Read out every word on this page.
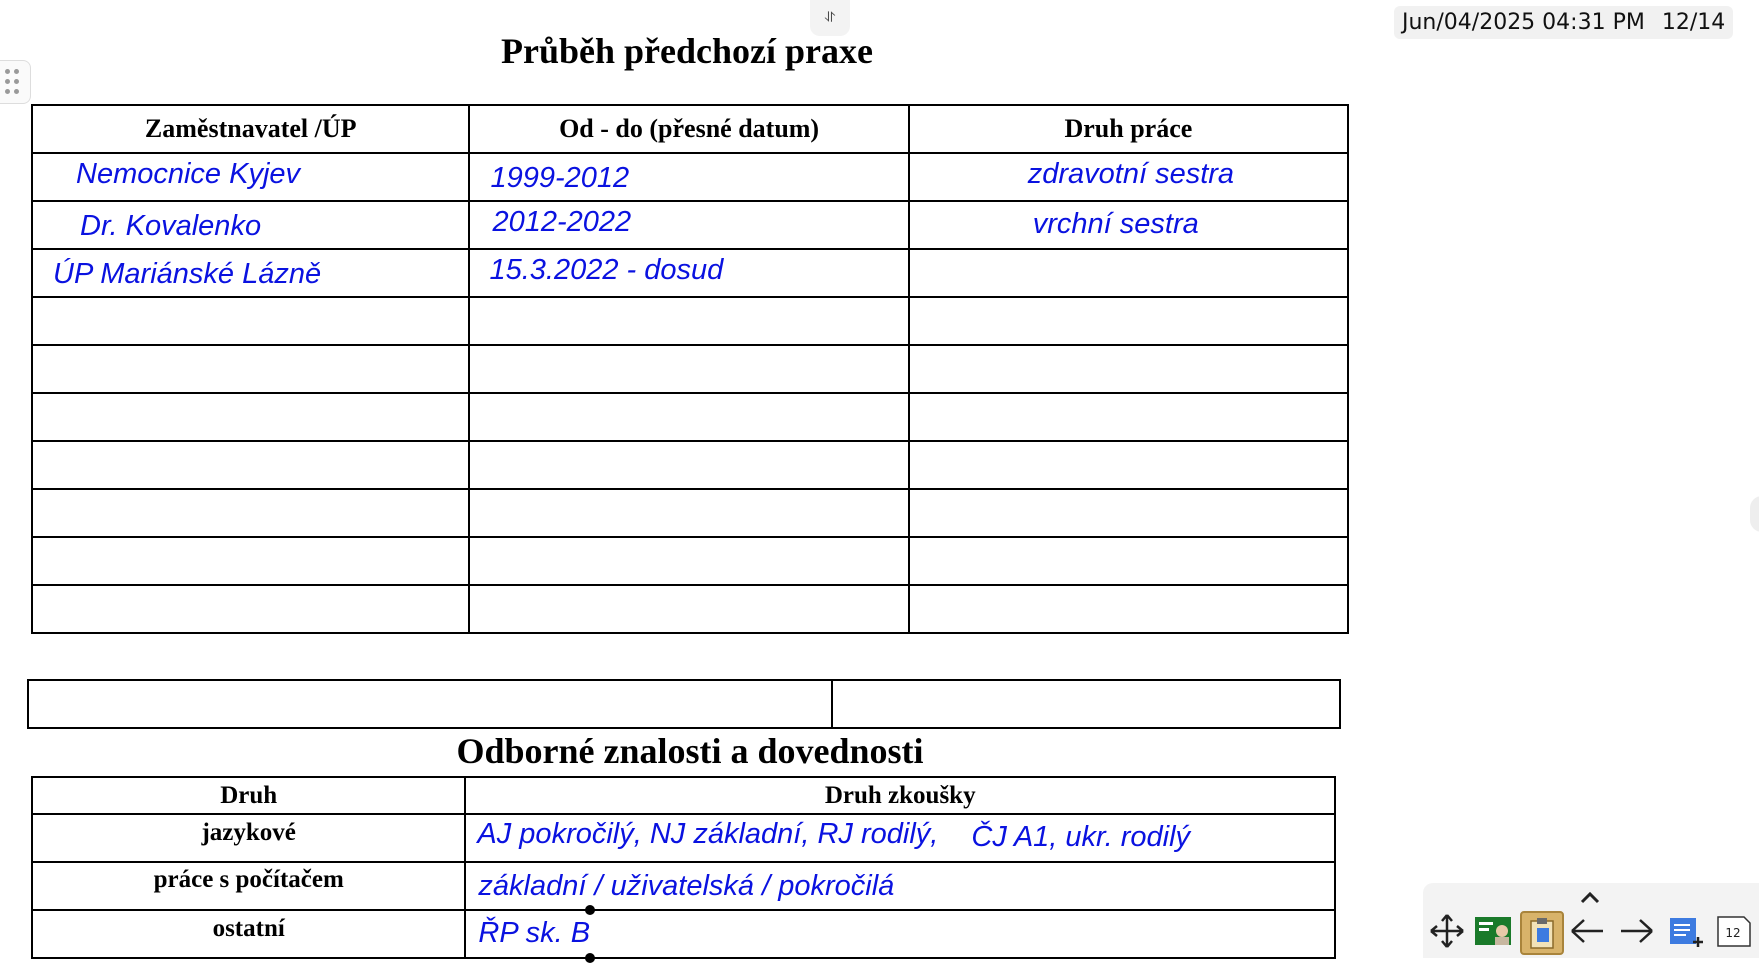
⥯	Jun/04/2025 04:31 PM 12/14
Průběh předchozí praxe
Zaměstnavatel /ÚP	Od - do (přesné datum)	Druh práce

Nemocnice Kyjev	1999-2012	zdravotní sestra

Dr. Kovalenko	2012-2022	vrchní sestra

ÚP Mariánské Lázně	15.3.2022 - dosud	

Odborné znalosti a dovednosti
Druh	Druh zkoušky
jazykové	AJ pokročilý, NJ základní, RJ rodilý, ČJ A1, ukr. rodilý

práce s počítačem	základní / uživatelská / pokročilá

ostatní	ŘP sk. B	12
